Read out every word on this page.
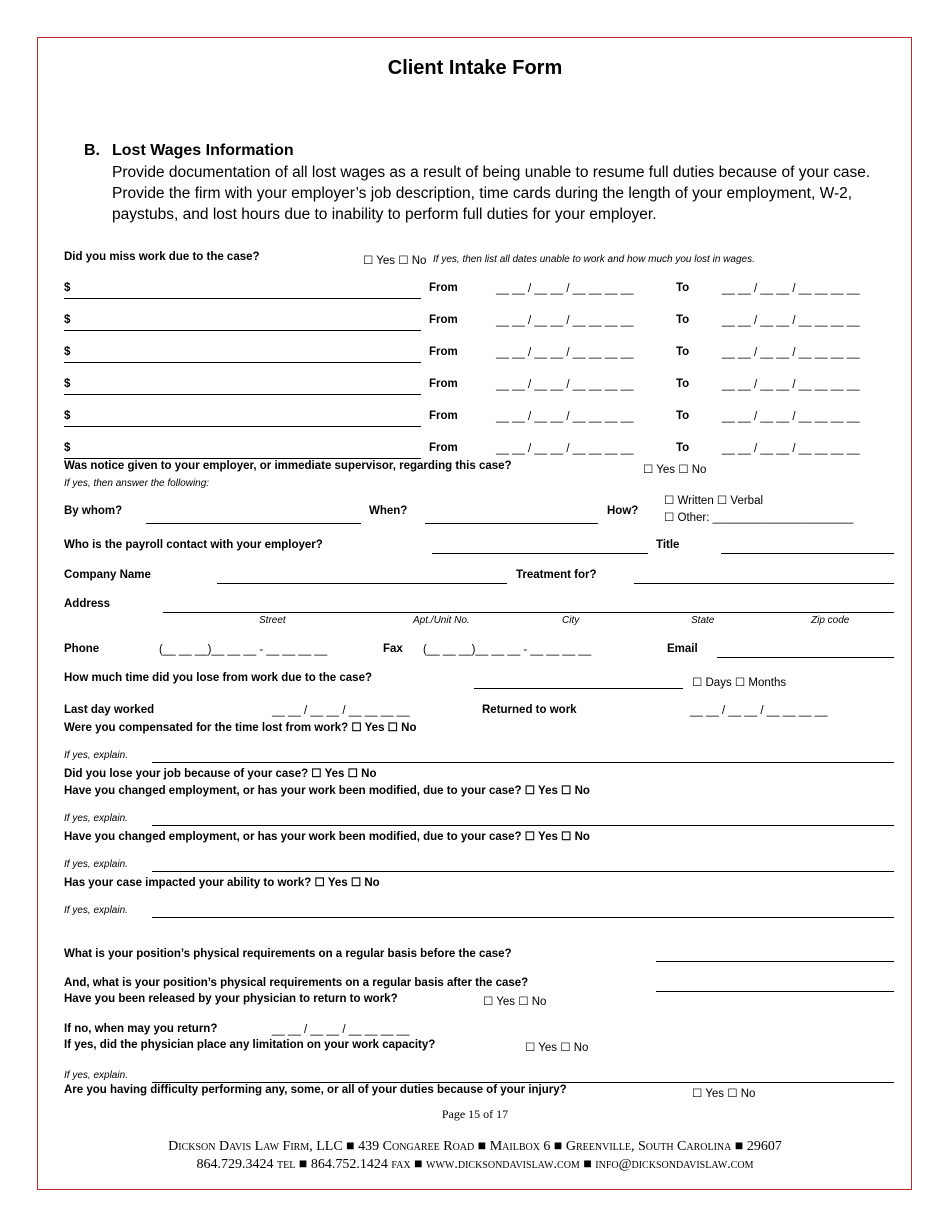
Client Intake Form
B. Lost Wages Information
Provide documentation of all lost wages as a result of being unable to resume full duties because of your case.
Provide the firm with your employer’s job description, time cards during the length of your employment, W-2,
paystubs, and lost hours due to inability to perform full duties for your employer.
Did you miss work due to the case?	☐ Yes ☐ No If yes, then list all dates unable to work and how much you lost in wages.
$	From	__ __ / __ __ / __ __ __ __	To	__ __ / __ __ / __ __ __ __
$	From	__ __ / __ __ / __ __ __ __	To	__ __ / __ __ / __ __ __ __
$	From	__ __ / __ __ / __ __ __ __	To	__ __ / __ __ / __ __ __ __
$	From	__ __ / __ __ / __ __ __ __	To	__ __ / __ __ / __ __ __ __
$	From	__ __ / __ __ / __ __ __ __	To	__ __ / __ __ / __ __ __ __
$	From	__ __ / __ __ / __ __ __ __	To	__ __ / __ __ / __ __ __ __
Was notice given to your employer, or immediate supervisor, regarding this case?	☐ Yes ☐ No
If yes, then answer the following:
By whom?	When?	How?
☐ Written ☐ Verbal
☐ Other: ______________________
Who is the payroll contact with your employer?	Title
Company Name	Treatment for?
Address
Street	Apt./Unit No.	City	State	Zip code
Phone	(__ __ __)__ __ __ - __ __ __ __	Fax (__ __ __)__ __ __ - __ __ __ __	Email
How much time did you lose from work due to the case?	☐ Days ☐ Months
Last day worked	__ __ / __ __ / __ __ __ __	Returned to work	__ __ / __ __ / __ __ __ __
Were you compensated for the time lost from work? ☐ Yes ☐ No
If yes, explain.
Did you lose your job because of your case? ☐ Yes ☐ No
Have you changed employment, or has your work been modified, due to your case? ☐ Yes ☐ No
If yes, explain.
Have you changed employment, or has your work been modified, due to your case? ☐ Yes ☐ No
If yes, explain.
Has your case impacted your ability to work? ☐ Yes ☐ No
If yes, explain.
What is your position’s physical requirements on a regular basis before the case?
And, what is your position’s physical requirements on a regular basis after the case?
Have you been released by your physician to return to work?	☐ Yes ☐ No
If no, when may you return?	__ __ / __ __ / __ __ __ __
If yes, did the physician place any limitation on your work capacity?	☐ Yes ☐ No
If yes, explain.
Are you having difficulty performing any, some, or all of your duties because of your injury?	☐ Yes ☐ No
Page 15 of 17
Dickson Davis Law Firm, LLC ■ 439 Congaree Road ■ Mailbox 6 ■ Greenville, South Carolina ■ 29607
864.729.3424 tel ■ 864.752.1424 fax ■ www.dicksondavislaw.com ■ info@dicksondavislaw.com
